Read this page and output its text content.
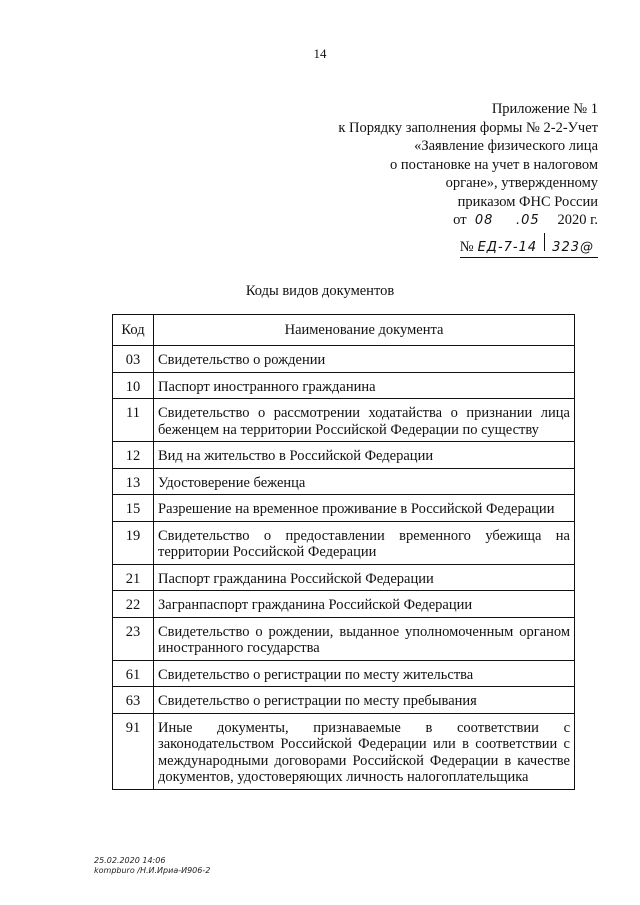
14
Приложение № 1
к Порядку заполнения формы № 2-2-Учет
«Заявление физического лица
о постановке на учет в налоговом
органе», утвержденному
приказом ФНС России
от 08 .05 2020 г.
№ ЕД-7-14	323@
Коды видов документов
Код	Наименование документа
03	Свидетельство о рождении
10	Паспорт иностранного гражданина
11	Свидетельство о рассмотрении ходатайства о признании лица беженцем на территории Российской Федерации по существу
12	Вид на жительство в Российской Федерации
13	Удостоверение беженца
15	Разрешение на временное проживание в Российской Федерации
19	Свидетельство о предоставлении временного убежища на территории Российской Федерации
21	Паспорт гражданина Российской Федерации
22	Загранпаспорт гражданина Российской Федерации
23	Свидетельство о рождении, выданное уполномоченным органом иностранного государства
61	Свидетельство о регистрации по месту жительства
63	Свидетельство о регистрации по месту пребывания
91	Иные документы, признаваемые в соответствии с законодательством Российской Федерации или в соответствии с международными договорами Российской Федерации в качестве документов, удостоверяющих личность налогоплательщика
25.02.2020 14:06
kompburo /Н.И.Ириа-И906-2
